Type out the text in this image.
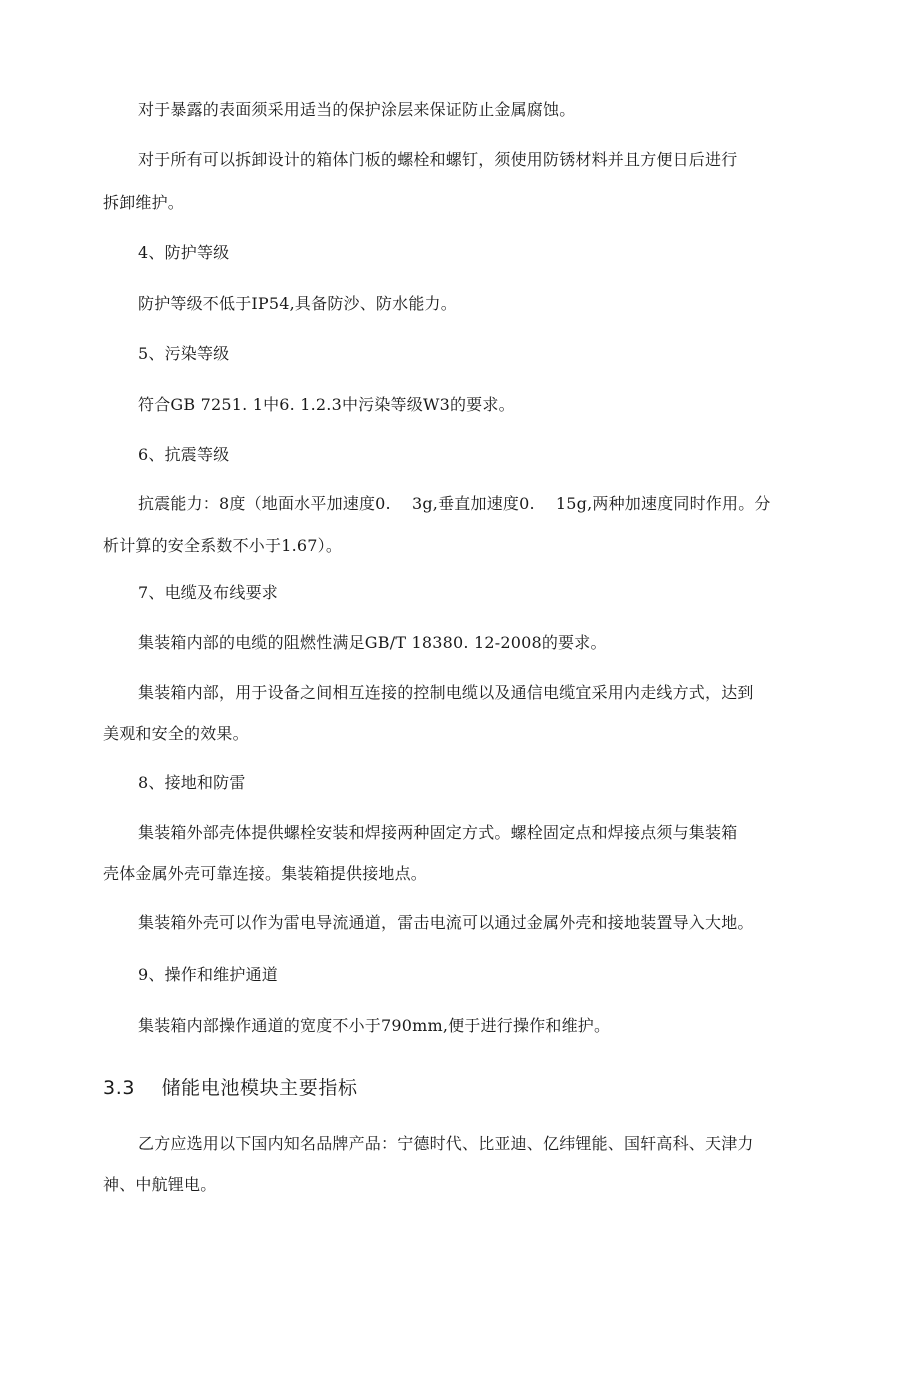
对于暴露的表面须采用适当的保护涂层来保证防止金属腐蚀。
对于所有可以拆卸设计的箱体门板的螺栓和螺钉，须使用防锈材料并且方便日后进行
拆卸维护。
4、防护等级
防护等级不低于IP54,具备防沙、防水能力。
5、污染等级
符合GB 7251. 1中6. 1.2.3中污染等级W3的要求。
6、抗震等级
抗震能力：8度（地面水平加速度0.    3g,垂直加速度0.    15g,两种加速度同时作用。分
析计算的安全系数不小于1.67）。
7、电缆及布线要求
集装箱内部的电缆的阻燃性满足GB/T 18380. 12-2008的要求。
集装箱内部，用于设备之间相互连接的控制电缆以及通信电缆宜采用内走线方式，达到
美观和安全的效果。
8、接地和防雷
集装箱外部壳体提供螺栓安装和焊接两种固定方式。螺栓固定点和焊接点须与集装箱
壳体金属外壳可靠连接。集装箱提供接地点。
集装箱外壳可以作为雷电导流通道，雷击电流可以通过金属外壳和接地装置导入大地。
9、操作和维护通道
集装箱内部操作通道的宽度不小于790mm,便于进行操作和维护。
3.3    储能电池模块主要指标
乙方应选用以下国内知名品牌产品：宁德时代、比亚迪、亿纬锂能、国轩高科、天津力
神、中航锂电。
